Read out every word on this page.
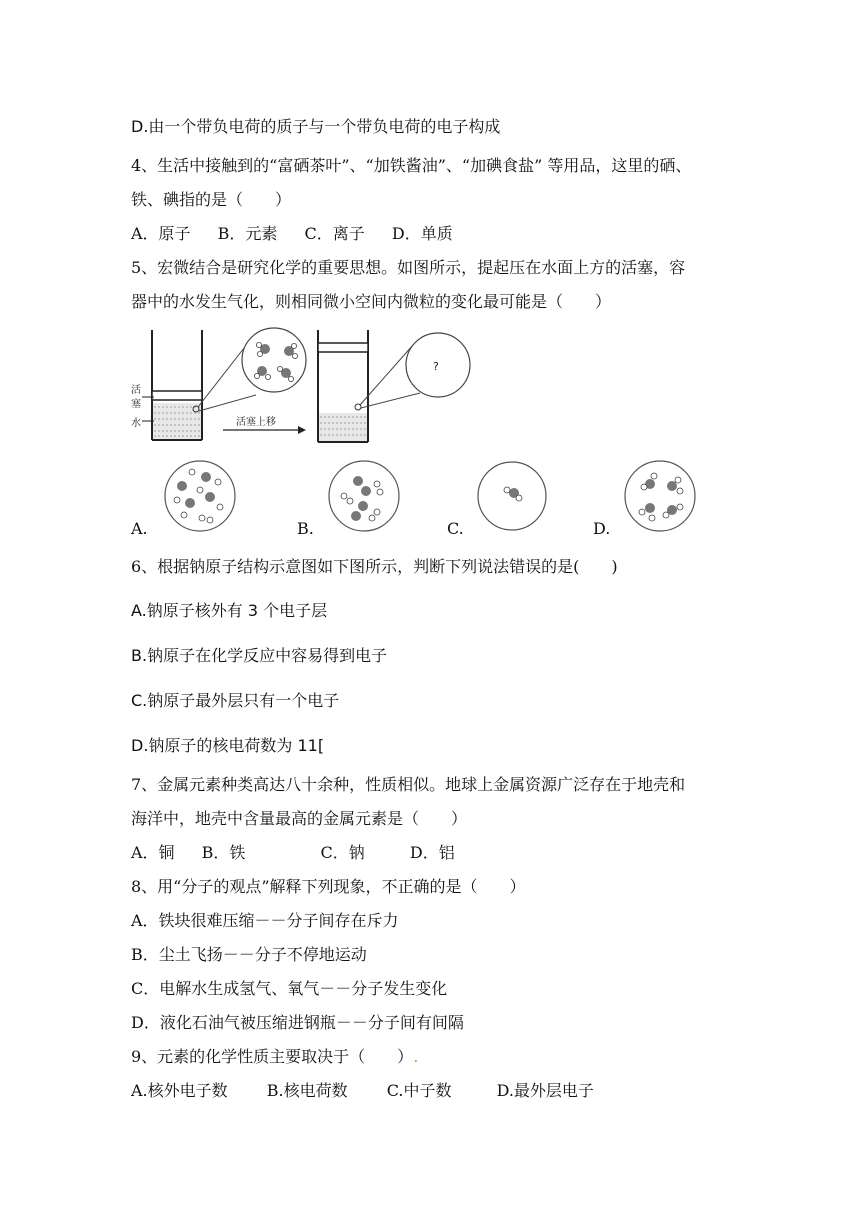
D.由一个带负电荷的质子与一个带负电荷的电子构成
4、生活中接触到的“富硒茶叶”、“加铁酱油”、“加碘食盐” 等用品，这里的硒、
铁、碘指的是（　　）
A．原子 B．元素 C．离子 D．单质
5、宏微结合是研究化学的重要思想。如图所示，提起压在水面上方的活塞，容
器中的水发生气化，则相同微小空间内微粒的变化最可能是（　　）
活
塞
水	活塞上移
?
A.	B.	C.	D.
6、根据钠原子结构示意图如下图所示，判断下列说法错误的是(　　)
A.钠原子核外有 3 个电子层
B.钠原子在化学反应中容易得到电子
C.钠原子最外层只有一个电子
D.钠原子的核电荷数为 11[
7、金属元素种类高达八十余种，性质相似。地球上金属资源广泛存在于地壳和
海洋中，地壳中含量最高的金属元素是（　　）
A．铜 B．铁	C．钠	D．铝
8、用“分子的观点”解释下列现象，不正确的是（　　）
A．铁块很难压缩－－分子间存在斥力
B．尘土飞扬－－分子不停地运动
C．电解水生成氢气、氧气－－分子发生变化
D．液化石油气被压缩进钢瓶－－分子间有间隔
9、元素的化学性质主要取决于（　　）.
A.核外电子数 B.核电荷数 C.中子数	D.最外层电子
